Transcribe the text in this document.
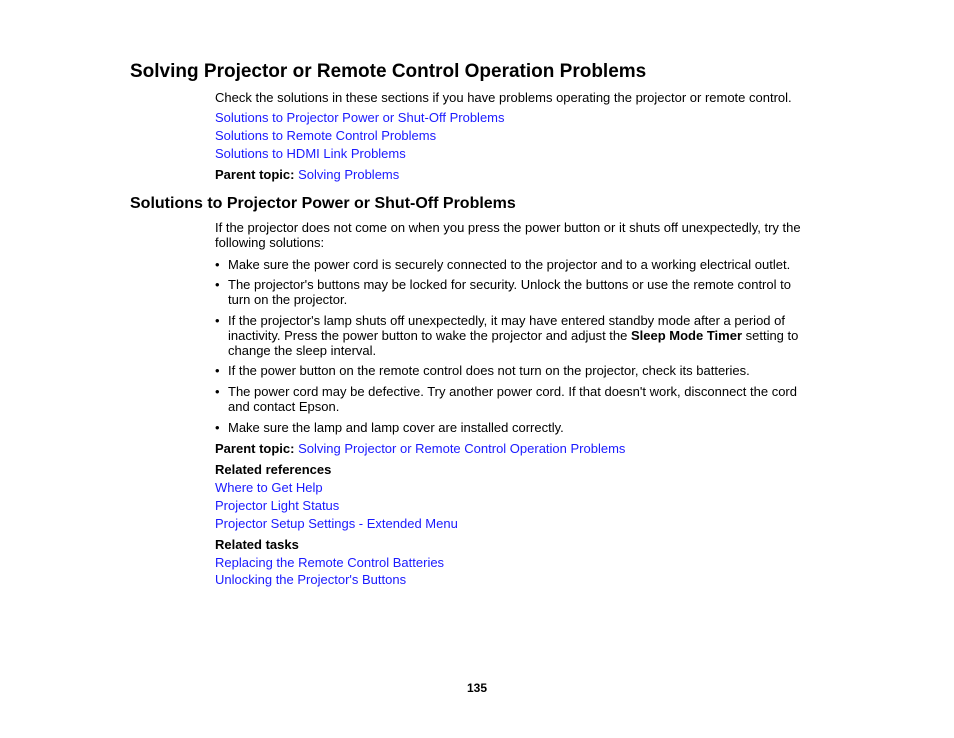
Solving Projector or Remote Control Operation Problems
Check the solutions in these sections if you have problems operating the projector or remote control.
Solutions to Projector Power or Shut-Off Problems
Solutions to Remote Control Problems
Solutions to HDMI Link Problems
Parent topic: Solving Problems
Solutions to Projector Power or Shut-Off Problems
If the projector does not come on when you press the power button or it shuts off unexpectedly, try the
following solutions:
• Make sure the power cord is securely connected to the projector and to a working electrical outlet.
• The projector's buttons may be locked for security. Unlock the buttons or use the remote control to
turn on the projector.
• If the projector's lamp shuts off unexpectedly, it may have entered standby mode after a period of
inactivity. Press the power button to wake the projector and adjust the Sleep Mode Timer setting to
change the sleep interval.
• If the power button on the remote control does not turn on the projector, check its batteries.
• The power cord may be defective. Try another power cord. If that doesn't work, disconnect the cord
and contact Epson.
• Make sure the lamp and lamp cover are installed correctly.
Parent topic: Solving Projector or Remote Control Operation Problems
Related references
Where to Get Help
Projector Light Status
Projector Setup Settings - Extended Menu
Related tasks
Replacing the Remote Control Batteries
Unlocking the Projector's Buttons
135
